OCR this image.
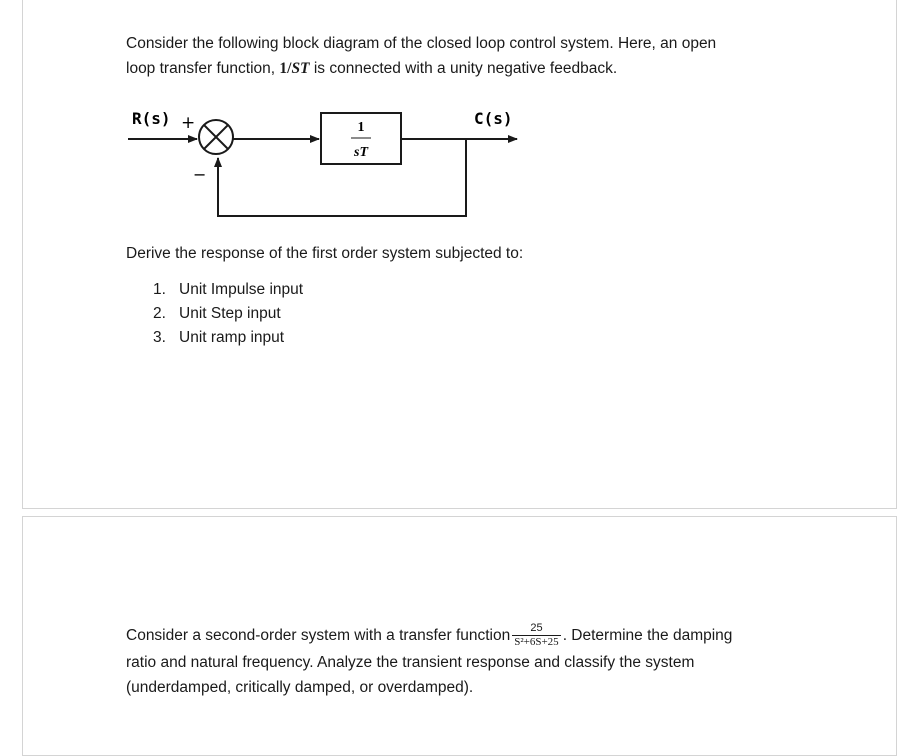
Consider the following block diagram of the closed loop control system. Here, an open
loop transfer function, 1/ST is connected with a unity negative feedback.
R(s)	C(s)
+
−
1
sT
Derive the response of the first order system subjected to:
1. Unit Impulse input
2. Unit Step input
3. Unit ramp input
Consider a second-order system with a transfer function $\frac{25}{\text{S²+6S+25}}$ . Determine the damping
ratio and natural frequency. Analyze the transient response and classify the system
(underdamped, critically damped, or overdamped).
